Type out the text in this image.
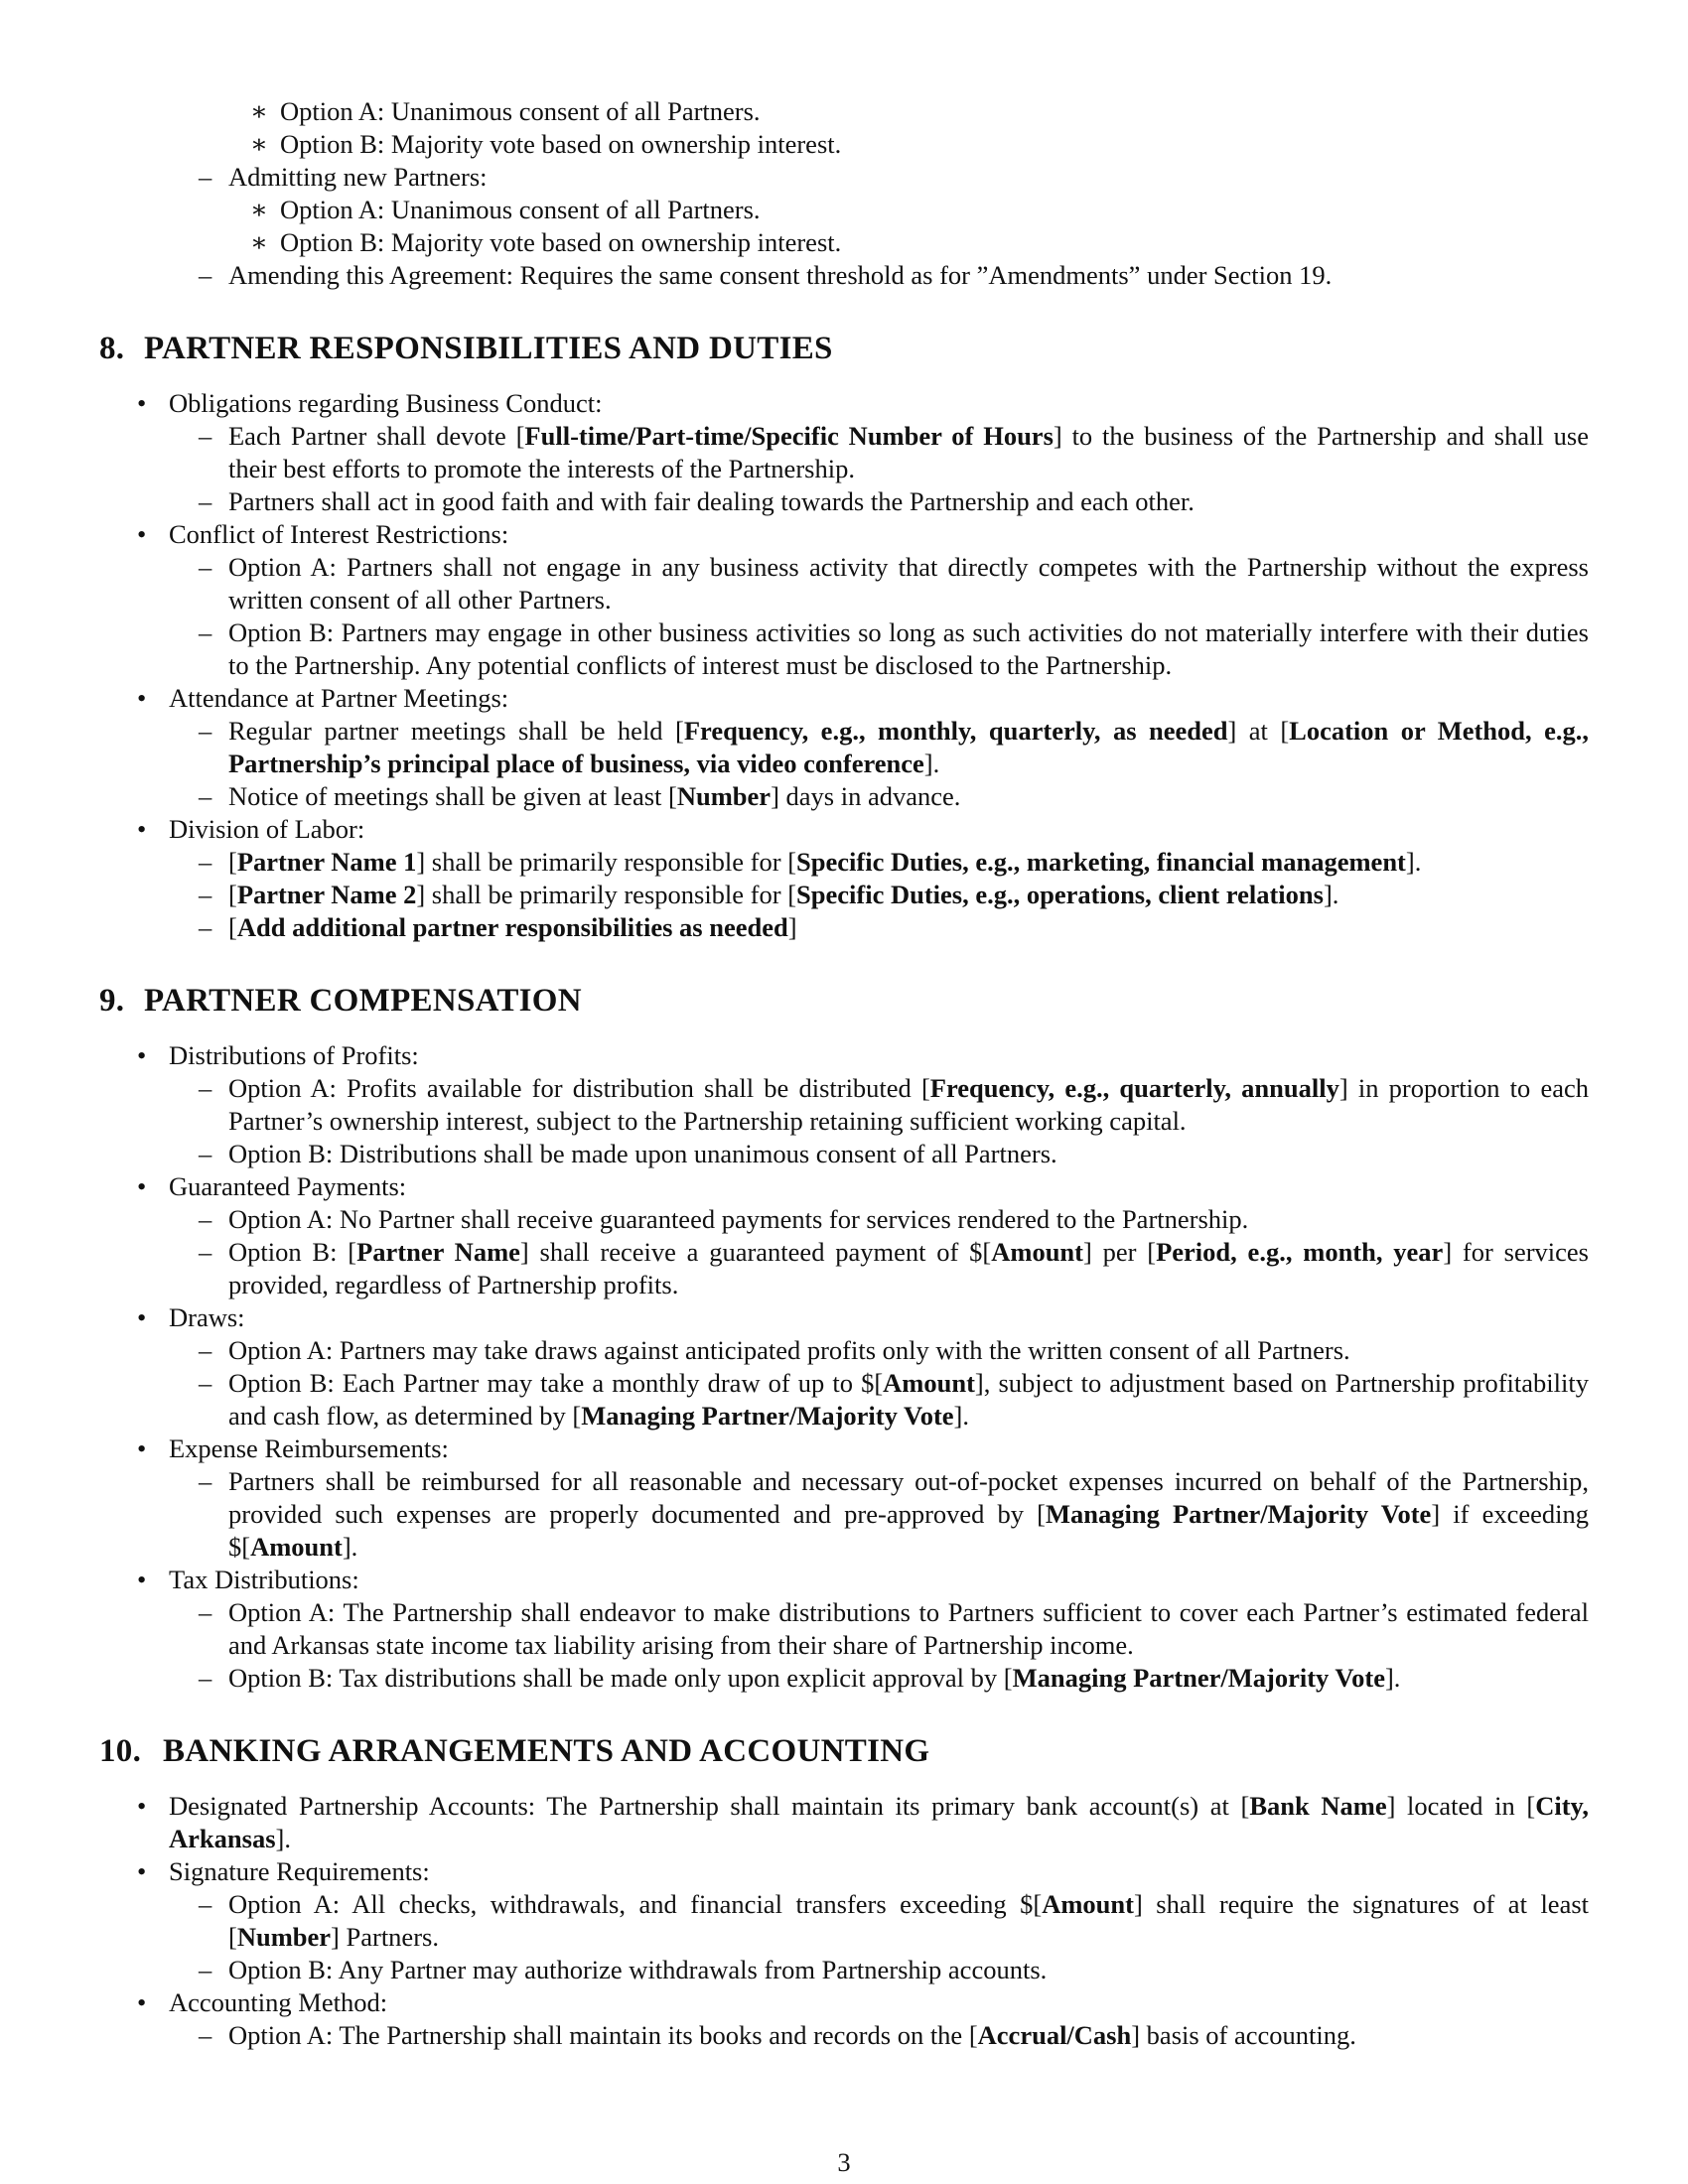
∗ Option A: Unanimous consent of all Partners.
∗ Option B: Majority vote based on ownership interest.
– Admitting new Partners:
∗ Option A: Unanimous consent of all Partners.
∗ Option B: Majority vote based on ownership interest.
– Amending this Agreement: Requires the same consent threshold as for ”Amendments” under Section 19.
8. PARTNER RESPONSIBILITIES AND DUTIES
• Obligations regarding Business Conduct:
– Each Partner shall devote [Full-time/Part-time/Specific Number of Hours] to the business of the Partnership and shall use their best efforts to promote the interests of the Partnership.
– Partners shall act in good faith and with fair dealing towards the Partnership and each other.
• Conflict of Interest Restrictions:
– Option A: Partners shall not engage in any business activity that directly competes with the Partnership without the express written consent of all other Partners.
– Option B: Partners may engage in other business activities so long as such activities do not materially interfere with their duties to the Partnership. Any potential conflicts of interest must be disclosed to the Partnership.
• Attendance at Partner Meetings:
– Regular partner meetings shall be held [Frequency, e.g., monthly, quarterly, as needed] at [Location or Method, e.g., Partnership’s principal place of business, via video conference].
– Notice of meetings shall be given at least [Number] days in advance.
• Division of Labor:
– [Partner Name 1] shall be primarily responsible for [Specific Duties, e.g., marketing, financial management].
– [Partner Name 2] shall be primarily responsible for [Specific Duties, e.g., operations, client relations].
– [Add additional partner responsibilities as needed]
9. PARTNER COMPENSATION
• Distributions of Profits:
– Option A: Profits available for distribution shall be distributed [Frequency, e.g., quarterly, annually] in proportion to each Partner’s ownership interest, subject to the Partnership retaining sufficient working capital.
– Option B: Distributions shall be made upon unanimous consent of all Partners.
• Guaranteed Payments:
– Option A: No Partner shall receive guaranteed payments for services rendered to the Partnership.
– Option B: [Partner Name] shall receive a guaranteed payment of $[Amount] per [Period, e.g., month, year] for services provided, regardless of Partnership profits.
• Draws:
– Option A: Partners may take draws against anticipated profits only with the written consent of all Partners.
– Option B: Each Partner may take a monthly draw of up to $[Amount], subject to adjustment based on Partnership profitability and cash flow, as determined by [Managing Partner/Majority Vote].
• Expense Reimbursements:
– Partners shall be reimbursed for all reasonable and necessary out-of-pocket expenses incurred on behalf of the Partnership, provided such expenses are properly documented and pre-approved by [Managing Partner/Majority Vote] if exceeding $[Amount].
• Tax Distributions:
– Option A: The Partnership shall endeavor to make distributions to Partners sufficient to cover each Partner’s estimated federal and Arkansas state income tax liability arising from their share of Partnership income.
– Option B: Tax distributions shall be made only upon explicit approval by [Managing Partner/Majority Vote].
10. BANKING ARRANGEMENTS AND ACCOUNTING
• Designated Partnership Accounts: The Partnership shall maintain its primary bank account(s) at [Bank Name] located in [City, Arkansas].
• Signature Requirements:
– Option A: All checks, withdrawals, and financial transfers exceeding $[Amount] shall require the signatures of at least [Number] Partners.
– Option B: Any Partner may authorize withdrawals from Partnership accounts.
• Accounting Method:
– Option A: The Partnership shall maintain its books and records on the [Accrual/Cash] basis of accounting.
3
